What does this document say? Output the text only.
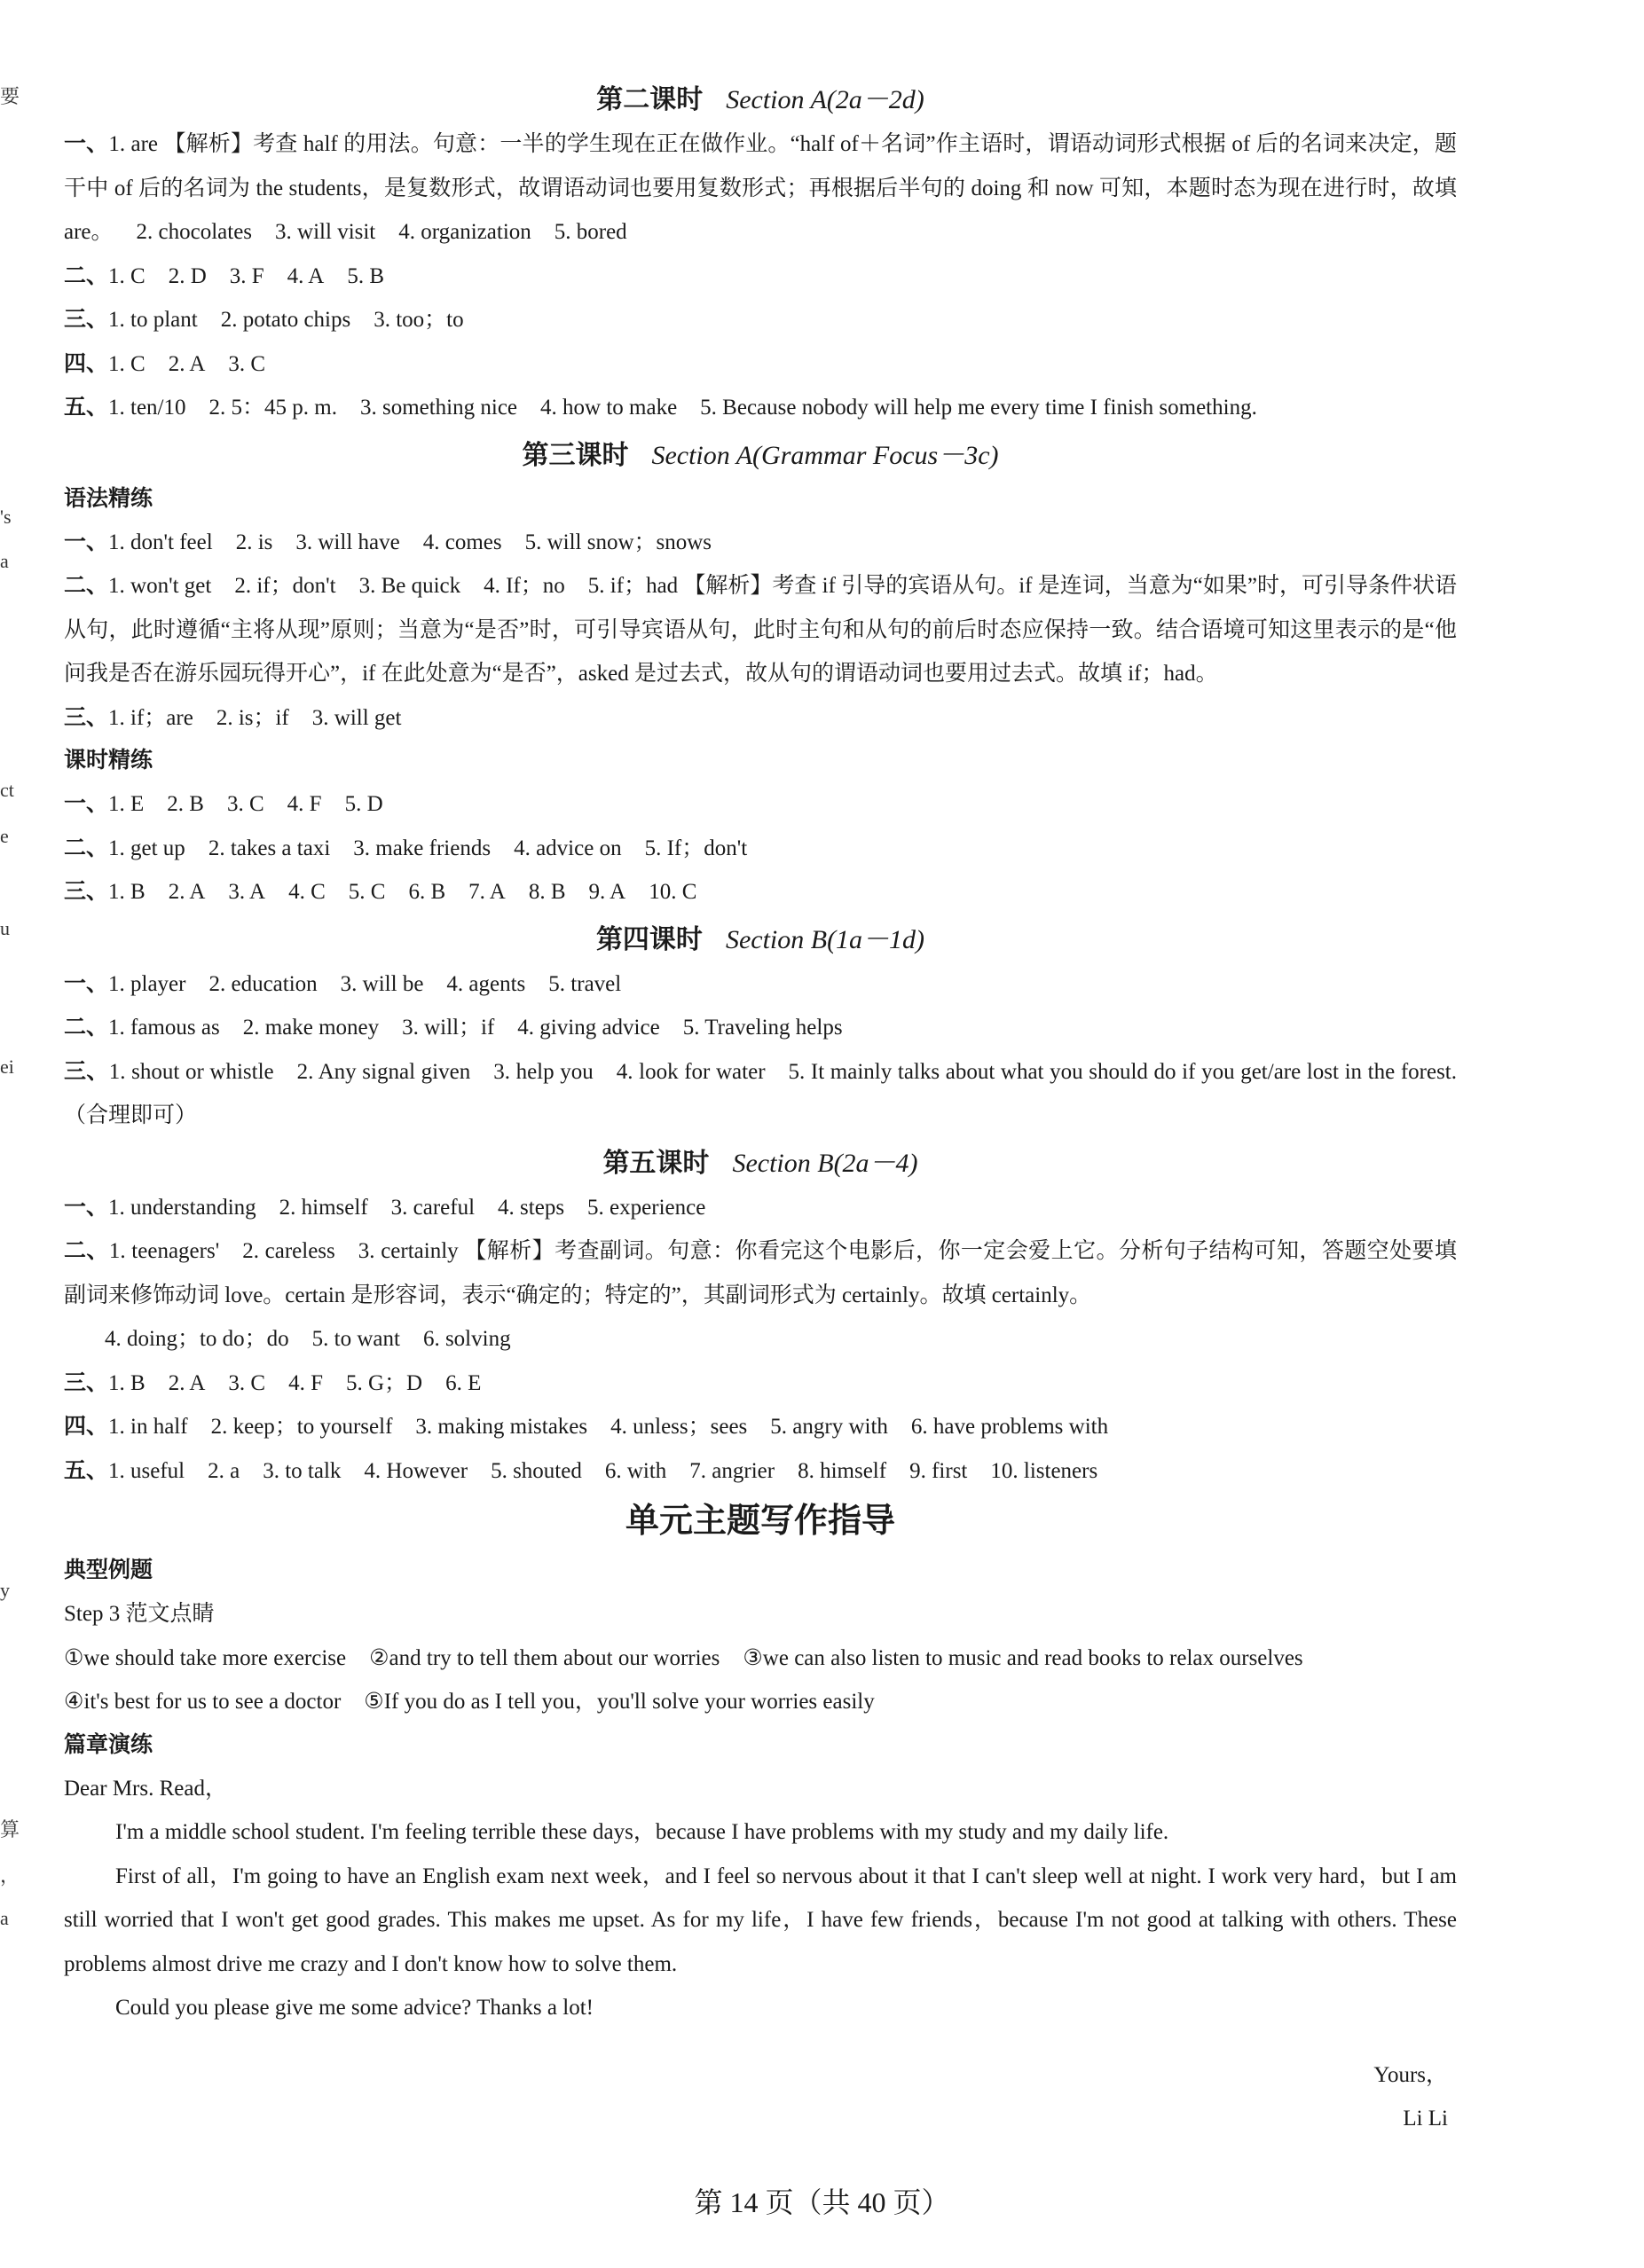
要
's
a
ct
e
u
ei
y
算
，
a
第二课时 Section A(2a－2d)
一、1. are 【解析】考查 half 的用法。句意：一半的学生现在正在做作业。“half of＋名词”作主语时，谓语动词形式根据 of 后的名词来决定，题干中 of 后的名词为 the students，是复数形式，故谓语动词也要用复数形式；再根据后半句的 doing 和 now 可知，本题时态为现在进行时，故填 are。 2. chocolates 3. will visit 4. organization 5. bored
二、1. C 2. D 3. F 4. A 5. B
三、1. to plant 2. potato chips 3. too；to
四、1. C 2. A 3. C
五、1. ten/10 2. 5：45 p. m. 3. something nice 4. how to make 5. Because nobody will help me every time I finish something.
第三课时 Section A(Grammar Focus－3c)
语法精练
一、1. don't feel 2. is 3. will have 4. comes 5. will snow；snows
二、1. won't get 2. if；don't 3. Be quick 4. If；no 5. if；had 【解析】考查 if 引导的宾语从句。if 是连词，当意为“如果”时，可引导条件状语从句，此时遵循“主将从现”原则；当意为“是否”时，可引导宾语从句，此时主句和从句的前后时态应保持一致。结合语境可知这里表示的是“他问我是否在游乐园玩得开心”，if 在此处意为“是否”，asked 是过去式，故从句的谓语动词也要用过去式。故填 if；had。
三、1. if；are 2. is；if 3. will get
课时精练
一、1. E 2. B 3. C 4. F 5. D
二、1. get up 2. takes a taxi 3. make friends 4. advice on 5. If；don't
三、1. B 2. A 3. A 4. C 5. C 6. B 7. A 8. B 9. A 10. C
第四课时 Section B(1a－1d)
一、1. player 2. education 3. will be 4. agents 5. travel
二、1. famous as 2. make money 3. will；if 4. giving advice 5. Traveling helps
三、1. shout or whistle 2. Any signal given 3. help you 4. look for water 5. It mainly talks about what you should do if you get/are lost in the forest.（合理即可）
第五课时 Section B(2a－4)
一、1. understanding 2. himself 3. careful 4. steps 5. experience
二、1. teenagers' 2. careless 3. certainly 【解析】考查副词。句意：你看完这个电影后，你一定会爱上它。分析句子结构可知，答题空处要填副词来修饰动词 love。certain 是形容词，表示“确定的；特定的”，其副词形式为 certainly。故填 certainly。
4. doing；to do；do 5. to want 6. solving
三、1. B 2. A 3. C 4. F 5. G；D 6. E
四、1. in half 2. keep；to yourself 3. making mistakes 4. unless；sees 5. angry with 6. have problems with
五、1. useful 2. a 3. to talk 4. However 5. shouted 6. with 7. angrier 8. himself 9. first 10. listeners
单元主题写作指导
典型例题
Step 3 范文点睛
①we should take more exercise ②and try to tell them about our worries ③we can also listen to music and read books to relax ourselves
④it's best for us to see a doctor ⑤If you do as I tell you，you'll solve your worries easily
篇章演练
Dear Mrs. Read，
I'm a middle school student. I'm feeling terrible these days，because I have problems with my study and my daily life.
First of all，I'm going to have an English exam next week，and I feel so nervous about it that I can't sleep well at night. I work very hard，but I am still worried that I won't get good grades. This makes me upset. As for my life，I have few friends，because I'm not good at talking with others. These problems almost drive me crazy and I don't know how to solve them.
Could you please give me some advice? Thanks a lot!
Yours，
Li Li
第 14 页（共 40 页）
